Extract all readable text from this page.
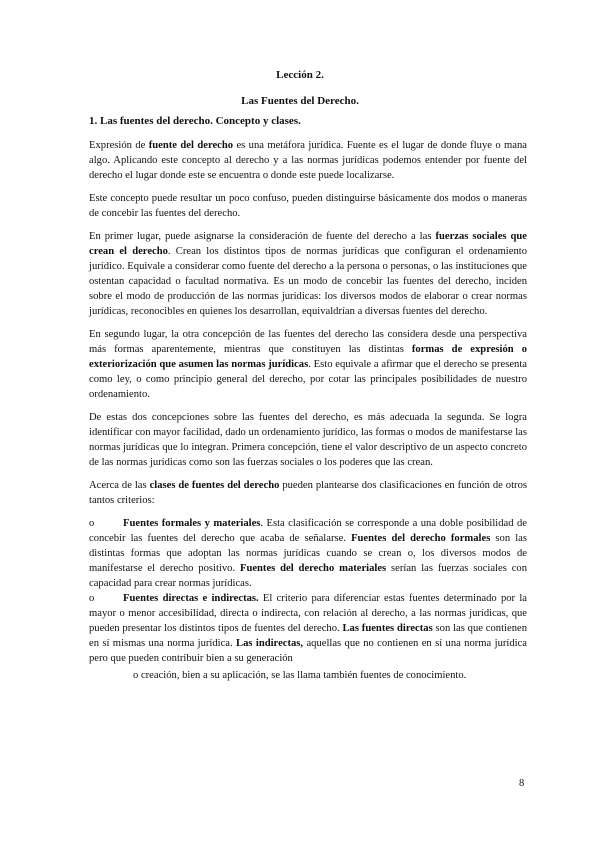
Lección 2.
Las Fuentes del Derecho.
1. Las fuentes del derecho. Concepto y clases.

Expresión de fuente del derecho es una metáfora jurídica. Fuente es el lugar de donde fluye o mana algo. Aplicando este concepto al derecho y a las normas jurídicas podemos entender por fuente del derecho el lugar donde este se encuentra o donde este puede localizarse.

Este concepto puede resultar un poco confuso, pueden distinguirse básicamente dos modos o maneras de concebir las fuentes del derecho.

En primer lugar, puede asignarse la consideración de fuente del derecho a las fuerzas sociales que crean el derecho. Crean los distintos tipos de normas jurídicas que configuran el ordenamiento jurídico. Equivale a considerar como fuente del derecho a la persona o personas, o las instituciones que ostentan capacidad o facultad normativa. Es un modo de concebir las fuentes del derecho, inciden sobre el modo de producción de las normas jurídicas: los diversos modos de elaborar o crear normas jurídicas, reconocibles en quienes los desarrollan, equivaldrían a diversas fuentes del derecho.

En segundo lugar, la otra concepción de las fuentes del derecho las considera desde una perspectiva más formas aparentemente, mientras que constituyen las distintas formas de expresión o exteriorización que asumen las normas jurídicas. Esto equivale a afirmar que el derecho se presenta como ley, o como principio general del derecho, por cotar las principales posibilidades de nuestro ordenamiento.

De estas dos concepciones sobre las fuentes del derecho, es más adecuada la segunda. Se logra identificar con mayor facilidad, dado un ordenamiento jurídico, las formas o modos de manifestarse las normas jurídicas que lo integran. Primera concepción, tiene el valor descriptivo de un aspecto concreto de las normas jurídicas como son las fuerzas sociales o los poderes que las crean.

Acerca de las clases de fuentes del derecho pueden plantearse dos clasificaciones en función de otros tantos criterios:

o	Fuentes formales y materiales. Esta clasificación se corresponde a una doble posibilidad de concebir las fuentes del derecho que acaba de señalarse. Fuentes del derecho formales son las distintas formas que adoptan las normas jurídicas cuando se crean o, los diversos modos de manifestarse el derecho positivo. Fuentes del derecho materiales serían las fuerzas sociales con capacidad para crear normas jurídicas.

o	Fuentes directas e indirectas. El criterio para diferenciar estas fuentes determinado por la mayor o menor accesibilidad, directa o indirecta, con relación al derecho, a las normas jurídicas, que pueden presentar los distintos tipos de fuentes del derecho. Las fuentes directas son las que contienen en sí mismas una norma jurídica. Las indirectas, aquellas que no contienen en sí una norma jurídica pero que pueden contribuir bien a su generación

o creación, bien a su aplicación, se las llama también fuentes de conocimiento.

8
